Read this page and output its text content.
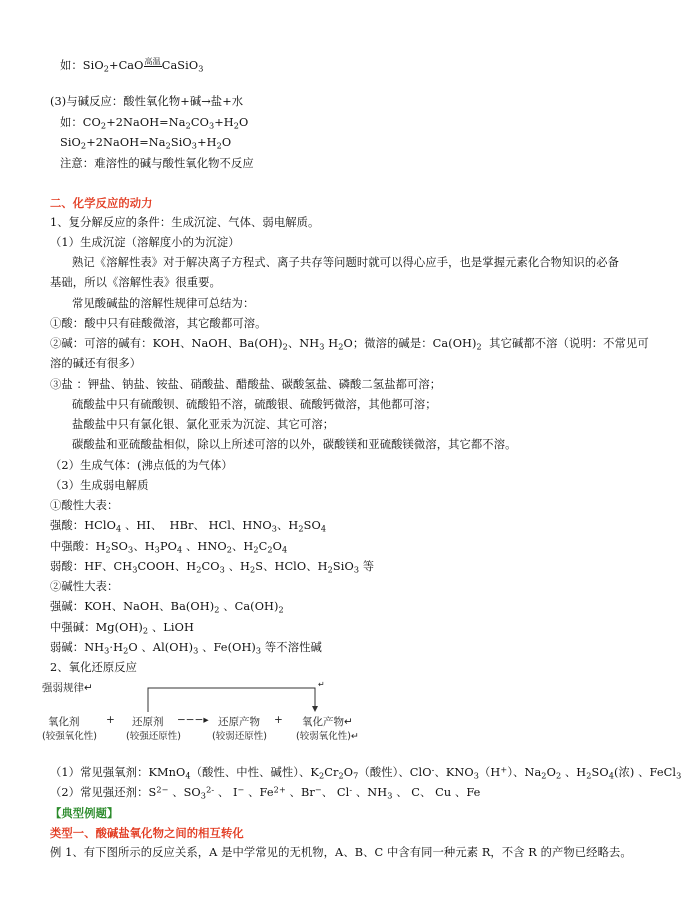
如：SiO$_2$+CaO$^{高温}$CaSiO$_3$
(3)与碱反应：酸性氧化物+碱→盐+水
如：$CO_2+2NaOH=Na_2CO_3+H_2O$
$SiO_2+2NaOH=Na_2SiO_3+H_2O$
注意：难溶性的碱与酸性氧化物不反应
二、化学反应的动力
1、复分解反应的条件：生成沉淀、气体、弱电解质。
（1）生成沉淀（溶解度小的为沉淀）
熟记《溶解性表》对于解决离子方程式、离子共存等问题时就可以得心应手，也是掌握元素化合物知识的必备
基础，所以《溶解性表》很重要。
常见酸碱盐的溶解性规律可总结为：
①酸：酸中只有硅酸微溶，其它酸都可溶。
②碱：可溶的碱有：KOH、NaOH、$Ba(OH)_2$、$NH_3$ $H_2O$；微溶的碱是：$Ca(OH)_2$  其它碱都不溶（说明：不常见可
溶的碱还有很多）
③盐 ：钾盐、钠盐、铵盐、硝酸盐、醋酸盐、碳酸氢盐、磷酸二氢盐都可溶；
硫酸盐中只有硫酸钡、硫酸铅不溶，硫酸银、硫酸钙微溶，其他都可溶；
盐酸盐中只有氯化银、氯化亚汞为沉淀、其它可溶；
碳酸盐和亚硫酸盐相似，除以上所述可溶的以外，碳酸镁和亚硫酸镁微溶，其它都不溶。
（2）生成气体：(沸点低的为气体）
（3）生成弱电解质
①酸性大表：
强酸：HClO$_4$ 、HI、  HBr、 HCl、$HNO_3$、$H_2SO_4$
中强酸：$H_2SO_3$、$H_3PO_4$ 、$HNO_2$、$H_2C_2O_4$
弱酸：HF、$CH_3COOH$、$H_2CO_3$ 、$H_2S$、HClO、$H_2SiO_3$ 等
②碱性大表：
强碱：KOH、NaOH、$Ba(OH)_2$ 、$Ca(OH)_2$
中强碱：$Mg(OH)_2$ 、LiOH
弱碱：$NH_3\cdot H_2O$ 、$Al(OH)_3$ 、$Fe(OH)_3$ 等不溶性碱
2、氧化还原反应
（1）常见强氧剂：KMnO$_4$（酸性、中性、碱性）、$K_2Cr_2O_7$（酸性）、ClO-、$KNO_3(H^+)$、$Na_2O_2$ 、$H_2SO_4$(浓) 、FeCl$_3$
（2）常见强还剂：$S^{2-}$ 、$SO_3^{2-}$ 、 I− 、$Fe^{2+}$ 、Br−、 Cl- 、$NH_3$ 、 C、 Cu 、Fe
【典型例题】
类型一、酸碱盐氧化物之间的相互转化
例 1、有下图所示的反应关系，A 是中学常见的无机物，A、B、C 中含有同一种元素 R，不含 R 的产物已经略去。
强弱规律↵
氧化剂
(较强氧化性)
+ 还原剂
(较强还原性)
−−−▸ 还原产物
(较弱还原性)
+ 氧化产物↵
(较弱氧化性)↵
↵
